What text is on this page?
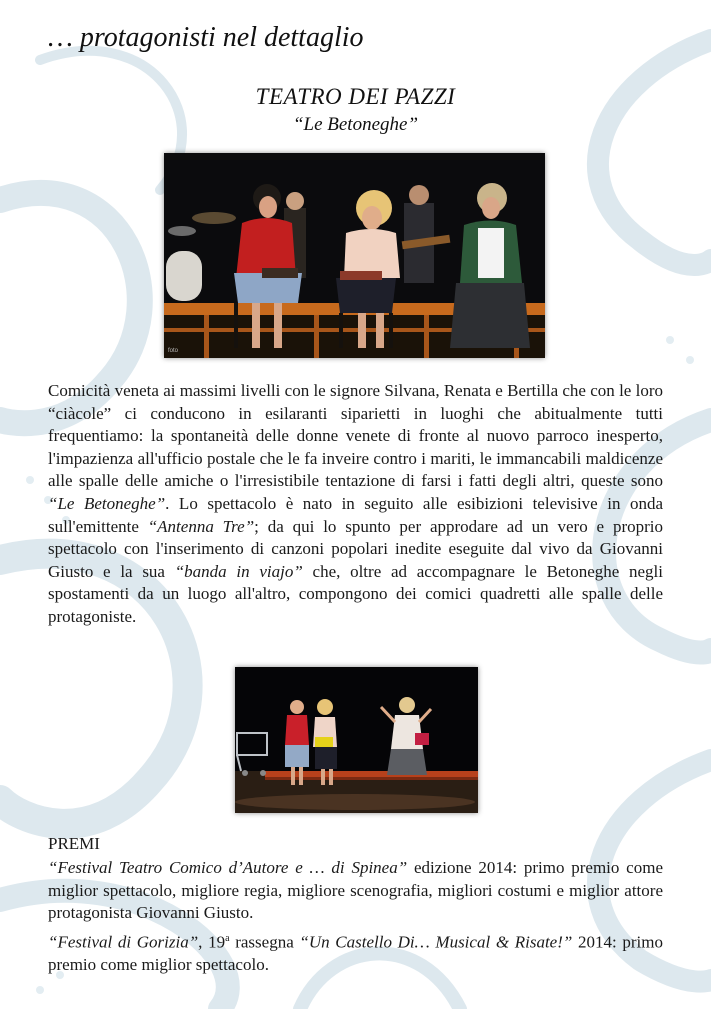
… protagonisti nel dettaglio
TEATRO DEI PAZZI
“Le Betoneghe”
foto
Comicità veneta ai massimi livelli con le signore Silvana, Renata e Bertilla che con le loro “ciàcole” ci conducono in esilaranti siparietti in luoghi che abitualmente tutti frequentiamo: la spontaneità delle donne venete di fronte al nuovo parroco inesperto, l'impazienza all'ufficio postale che le fa inveire contro i mariti, le immancabili maldicenze alle spalle delle amiche o l'irresistibile tentazione di farsi i fatti degli altri, queste sono “Le Betoneghe”. Lo spettacolo è nato in seguito alle esibizioni televisive in onda sull'emittente “Antenna Tre”; da qui lo spunto per approdare ad un vero e proprio spettacolo con l'inserimento di canzoni popolari inedite eseguite dal vivo da Giovanni Giusto e la sua “banda in viajo” che, oltre ad accompagnare le Betoneghe negli spostamenti da un luogo all'altro, compongono dei comici quadretti alle spalle delle protagoniste.
PREMI
“Festival Teatro Comico d’Autore e … di Spinea” edizione 2014: primo premio come miglior spettacolo, migliore regia, migliore scenografia, migliori costumi e miglior attore protagonista Giovanni Giusto.
“Festival di Gorizia”, 19$^a$ rassegna “Un Castello Di… Musical & Risate!” 2014: primo premio come miglior spettacolo.
